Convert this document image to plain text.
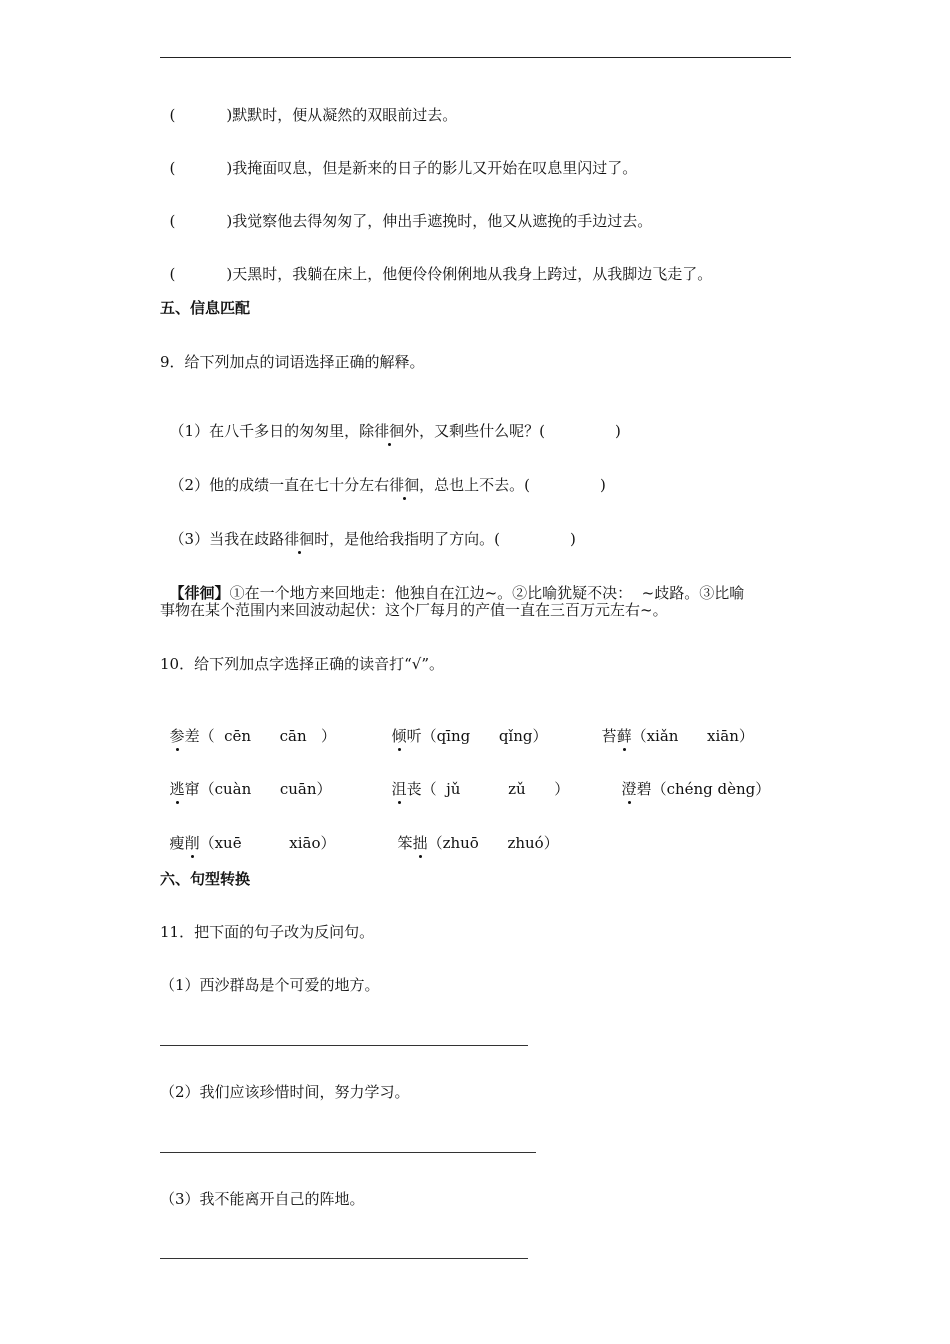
(	)默默时，便从凝然的双眼前过去。

(	)我掩面叹息，但是新来的日子的影儿又开始在叹息里闪过了。

(	)我觉察他去得匆匆了，伸出手遮挽时，他又从遮挽的手边过去。

(	)天黑时，我躺在床上，他便伶伶俐俐地从我身上跨过，从我脚边飞走了。

五、信息匹配
9．给下列加点的词语选择正确的解释。

（1）在八千多日的匆匆里，除徘徊外，又剩些什么呢？(	)

（2）他的成绩一直在七十分左右徘徊，总也上不去。(	)

（3）当我在歧路徘徊时，是他给我指明了方向。(	)

【徘徊】①在一个地方来回地走：他独自在江边~。②比喻犹疑不决：  ~歧路。③比喻

事物在某个范围内来回波动起伏：这个厂每月的产值一直在三百万元左右~。
10．给下列加点字选择正确的读音打“√”。

参差（  cēn      cān   ）	倾听（qīng      qǐng）	苔藓（xiǎn      xiān）

逃窜（cuàn      cuān）	沮丧（  jǔ          zǔ      ）	澄碧（chéng dèng）

瘦削（xuē          xiāo）	笨拙（zhuō      zhuó）

六、句型转换
11．把下面的句子改为反问句。
（1）西沙群岛是个可爱的地方。
（2）我们应该珍惜时间，努力学习。
（3）我不能离开自己的阵地。
